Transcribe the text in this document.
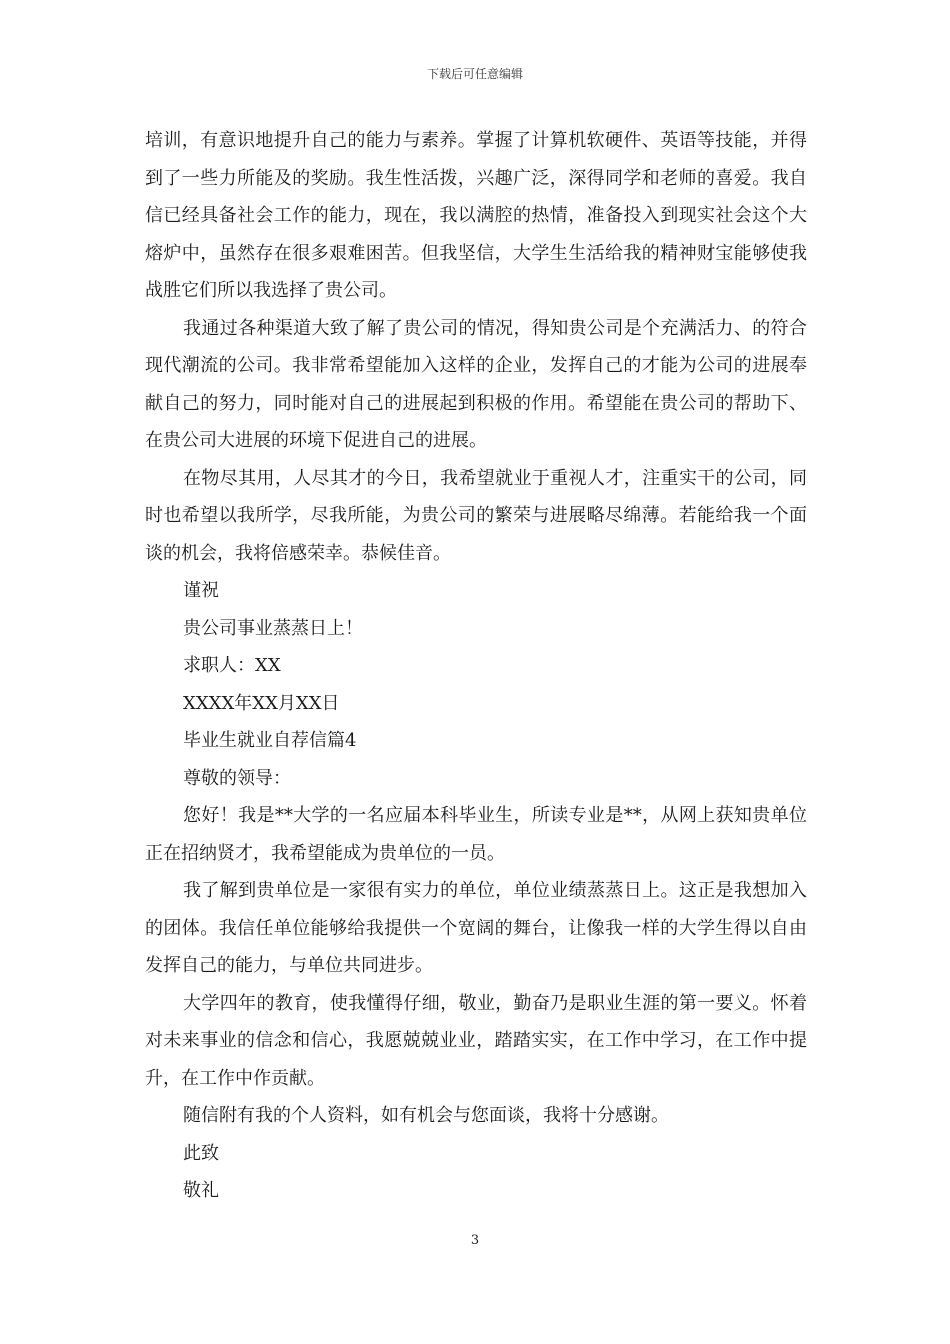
下载后可任意编辑

培训，有意识地提升自己的能力与素养。掌握了计算机软硬件、英语等技能，并得到了一些力所能及的奖励。我生性活拨，兴趣广泛，深得同学和老师的喜爱。我自信已经具备社会工作的能力，现在，我以满腔的热情，准备投入到现实社会这个大熔炉中，虽然存在很多艰难困苦。但我坚信，大学生生活给我的精神财宝能够使我战胜它们所以我选择了贵公司。

我通过各种渠道大致了解了贵公司的情况，得知贵公司是个充满活力、的符合现代潮流的公司。我非常希望能加入这样的企业，发挥自己的才能为公司的进展奉献自己的努力，同时能对自己的进展起到积极的作用。希望能在贵公司的帮助下、在贵公司大进展的环境下促进自己的进展。

在物尽其用，人尽其才的今日，我希望就业于重视人才，注重实干的公司，同时也希望以我所学，尽我所能，为贵公司的繁荣与进展略尽绵薄。若能给我一个面谈的机会，我将倍感荣幸。恭候佳音。

谨祝

贵公司事业蒸蒸日上！

求职人：XX

XXXX年XX月XX日

毕业生就业自荐信篇4

尊敬的领导：

您好！我是**大学的一名应届本科毕业生，所读专业是**，从网上获知贵单位正在招纳贤才，我希望能成为贵单位的一员。

我了解到贵单位是一家很有实力的单位，单位业绩蒸蒸日上。这正是我想加入的团体。我信任单位能够给我提供一个宽阔的舞台，让像我一样的大学生得以自由发挥自己的能力，与单位共同进步。

大学四年的教育，使我懂得仔细，敬业，勤奋乃是职业生涯的第一要义。怀着对未来事业的信念和信心，我愿兢兢业业，踏踏实实，在工作中学习，在工作中提升，在工作中作贡献。

随信附有我的个人资料，如有机会与您面谈，我将十分感谢。

此致

敬礼

3
